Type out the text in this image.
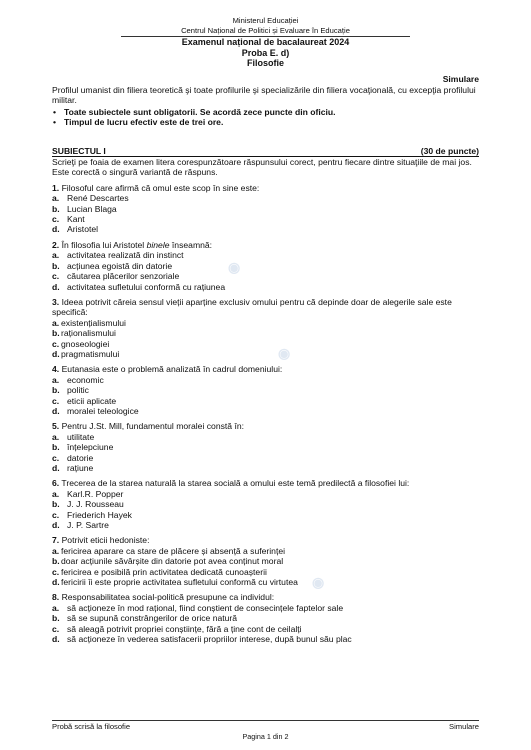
Ministerul Educației
Centrul Național de Politici și Evaluare în Educație
Examenul național de bacalaureat 2024
Proba E. d)
Filosofie
Simulare

Profilul umanist din filiera teoretică şi toate profilurile şi specializările din filiera vocaţională, cu excepţia profilului militar.

• Toate subiectele sunt obligatorii. Se acordă zece puncte din oficiu.
• Timpul de lucru efectiv este de trei ore.
SUBIECTUL I	(30 de puncte)

Scrieţi pe foaia de examen litera corespunzătoare răspunsului corect, pentru fiecare dintre situaţiile de mai jos. Este corectă o singură variantă de răspuns.

1. Filosoful care afirmă că omul este scop în sine este:
a. René Descartes
b. Lucian Blaga
c. Kant
d. Aristotel
2. În filosofia lui Aristotel binele înseamnă:
a. activitatea realizată din instinct
b. acțiunea egoistă din datorie
c. căutarea plăcerilor senzoriale
d. activitatea sufletului conformă cu rațiunea
3. Ideea potrivit căreia sensul vieții aparține exclusiv omului pentru că depinde doar de alegerile sale este specifică:
a. existențialismului
b. raționalismului
c. gnoseologiei
d. pragmatismului
4. Eutanasia este o problemă analizată în cadrul domeniului:
a. economic
b. politic
c. eticii aplicate
d. moralei teleologice
5. Pentru J.St. Mill, fundamentul moralei constă în:
a. utilitate
b. înțelepciune
c. datorie
d. rațiune
6. Trecerea de la starea naturală la starea socială a omului este temă predilectă a filosofiei lui:
a. Karl.R. Popper
b. J. J. Rousseau
c. Friederich Hayek
d. J. P. Sartre
7. Potrivit eticii hedoniste:
a. fericirea aparare ca stare de plăcere și absență a suferinței
b. doar acțiunile săvârșite din datorie pot avea conținut moral
c. fericirea e posibilă prin activitatea dedicată cunoașterii
d. fericirii îi este proprie activitatea sufletului conformă cu virtutea
8. Responsabilitatea social-politică presupune ca individul:
a. să acționeze în mod rațional, fiind conștient de consecințele faptelor sale
b. să se supună constrângerilor de orice natură
c. să aleagă potrivit propriei conștiințe, fără a ține cont de ceilalți
d. să acționeze în vederea satisfacerii propriilor interese, după bunul său plac
◉
◉
◉
Probă scrisă la filosofie	Simulare
Pagina 1 din 2
